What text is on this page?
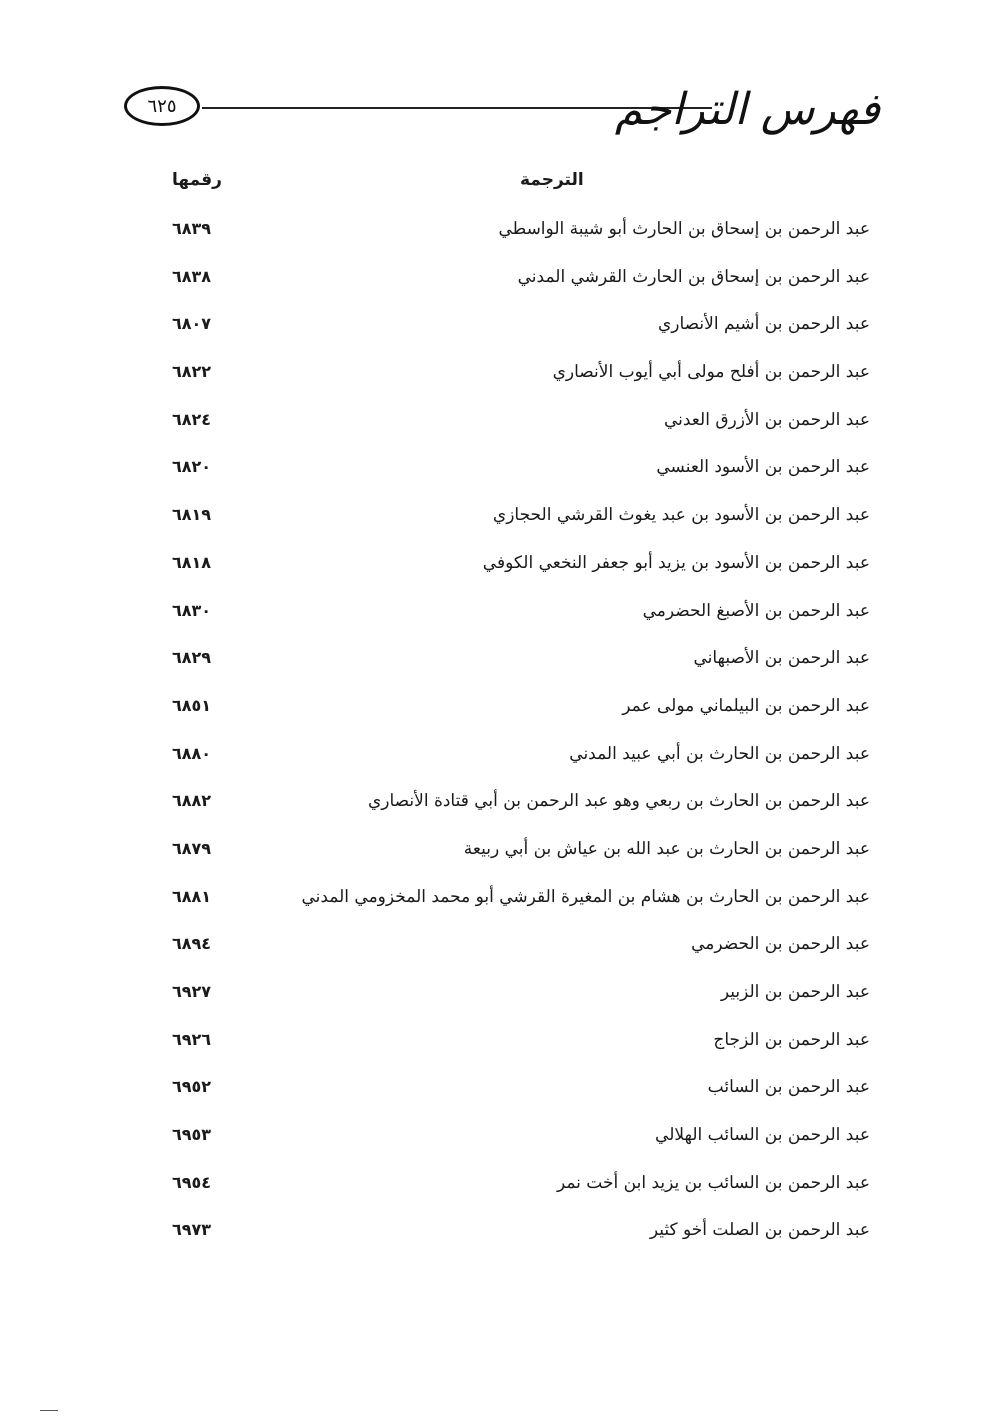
٦٢٥	فهرس التراجم
رقمها	الترجمة
٦٨٣٩	عبد الرحمن بن إسحاق بن الحارث أبو شيبة الواسطي
٦٨٣٨	عبد الرحمن بن إسحاق بن الحارث القرشي المدني
٦٨٠٧	عبد الرحمن بن أشيم الأنصاري
٦٨٢٢	عبد الرحمن بن أفلح مولى أبي أيوب الأنصاري
٦٨٢٤	عبد الرحمن بن الأزرق العدني
٦٨٢٠	عبد الرحمن بن الأسود العنسي
٦٨١٩	عبد الرحمن بن الأسود بن عبد يغوث القرشي الحجازي
٦٨١٨	عبد الرحمن بن الأسود بن يزيد أبو جعفر النخعي الكوفي
٦٨٣٠	عبد الرحمن بن الأصبغ الحضرمي
٦٨٢٩	عبد الرحمن بن الأصبهاني
٦٨٥١	عبد الرحمن بن البيلماني مولى عمر
٦٨٨٠	عبد الرحمن بن الحارث بن أبي عبيد المدني
٦٨٨٢	عبد الرحمن بن الحارث بن ربعي وهو عبد الرحمن بن أبي قتادة الأنصاري
٦٨٧٩	عبد الرحمن بن الحارث بن عبد الله بن عياش بن أبي ربيعة
٦٨٨١	عبد الرحمن بن الحارث بن هشام بن المغيرة القرشي أبو محمد المخزومي المدني
٦٨٩٤	عبد الرحمن بن الحضرمي
٦٩٢٧	عبد الرحمن بن الزبير
٦٩٢٦	عبد الرحمن بن الزجاج
٦٩٥٢	عبد الرحمن بن السائب
٦٩٥٣	عبد الرحمن بن السائب الهلالي
٦٩٥٤	عبد الرحمن بن السائب بن يزيد ابن أخت نمر
٦٩٧٣	عبد الرحمن بن الصلت أخو كثير
